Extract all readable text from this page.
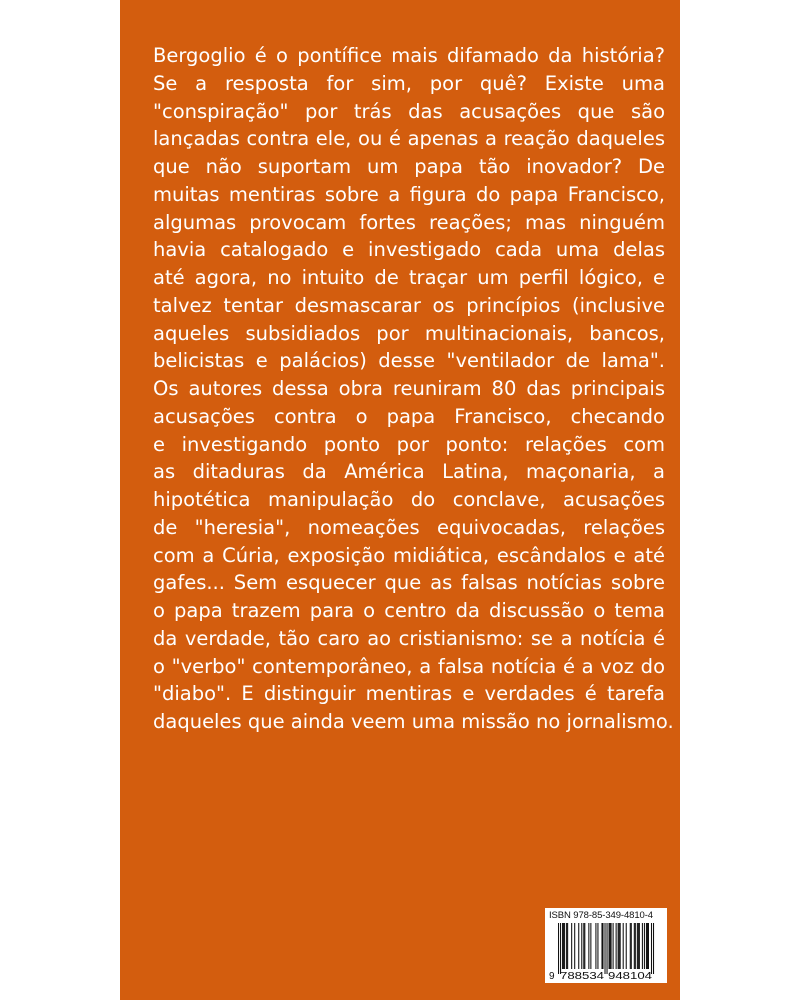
Bergoglio é o pontífice mais difamado da história?
Se a resposta for sim, por quê? Existe uma
"conspiração" por trás das acusações que são
lançadas contra ele, ou é apenas a reação daqueles
que não suportam um papa tão inovador? De
muitas mentiras sobre a figura do papa Francisco,
algumas provocam fortes reações; mas ninguém
havia catalogado e investigado cada uma delas
até agora, no intuito de traçar um perfil lógico, e
talvez tentar desmascarar os princípios (inclusive
aqueles subsidiados por multinacionais, bancos,
belicistas e palácios) desse "ventilador de lama".
Os autores dessa obra reuniram 80 das principais
acusações contra o papa Francisco, checando
e investigando ponto por ponto: relações com
as ditaduras da América Latina, maçonaria, a
hipotética manipulação do conclave, acusações
de "heresia", nomeações equivocadas, relações
com a Cúria, exposição midiática, escândalos e até
gafes... Sem esquecer que as falsas notícias sobre
o papa trazem para o centro da discussão o tema
da verdade, tão caro ao cristianismo: se a notícia é
o "verbo" contemporâneo, a falsa notícia é a voz do
"diabo". E distinguir mentiras e verdades é tarefa
daqueles que ainda veem uma missão no jornalismo.
ISBN 978-85-349-4810-4
9 788534 948104
